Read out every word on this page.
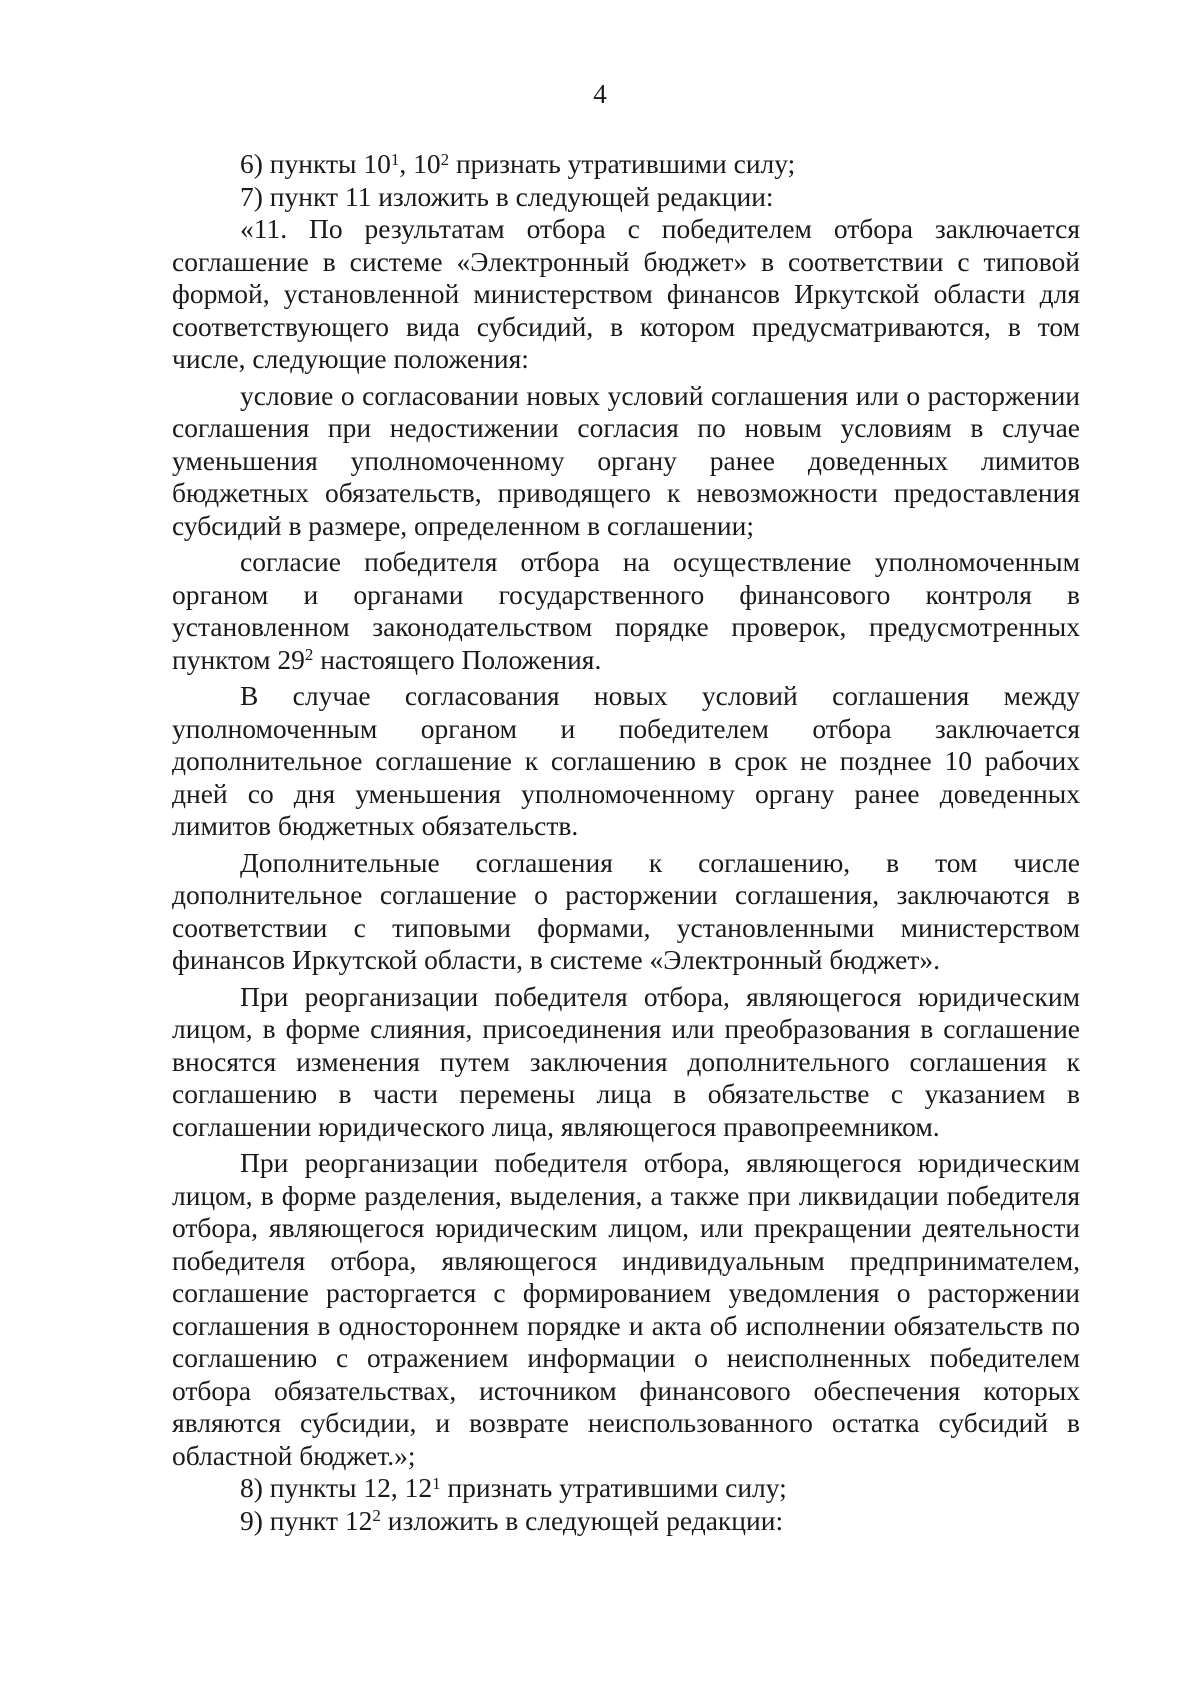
4

6) пункты $10^1$, $10^2$ признать утратившими силу;

7) пункт 11 изложить в следующей редакции:

«11. По результатам отбора с победителем отбора заключается соглашение в системе «Электронный бюджет» в соответствии с типовой формой, установленной министерством финансов Иркутской области для соответствующего вида субсидий, в котором предусматриваются, в том числе, следующие положения:

условие о согласовании новых условий соглашения или о расторжении соглашения при недостижении согласия по новым условиям в случае уменьшения уполномоченному органу ранее доведенных лимитов бюджетных обязательств, приводящего к невозможности предоставления субсидий в размере, определенном в соглашении;

согласие победителя отбора на осуществление уполномоченным органом и органами государственного финансового контроля в установленном законодательством порядке проверок, предусмотренных пунктом $29^2$ настоящего Положения.

В случае согласования новых условий соглашения между уполномоченным органом и победителем отбора заключается дополнительное соглашение к соглашению в срок не позднее 10 рабочих дней со дня уменьшения уполномоченному органу ранее доведенных лимитов бюджетных обязательств.

Дополнительные соглашения к соглашению, в том числе дополнительное соглашение о расторжении соглашения, заключаются в соответствии с типовыми формами, установленными министерством финансов Иркутской области, в системе «Электронный бюджет».

При реорганизации победителя отбора, являющегося юридическим лицом, в форме слияния, присоединения или преобразования в соглашение вносятся изменения путем заключения дополнительного соглашения к соглашению в части перемены лица в обязательстве с указанием в соглашении юридического лица, являющегося правопреемником.

При реорганизации победителя отбора, являющегося юридическим лицом, в форме разделения, выделения, а также при ликвидации победителя отбора, являющегося юридическим лицом, или прекращении деятельности победителя отбора, являющегося индивидуальным предпринимателем, соглашение расторгается с формированием уведомления о расторжении соглашения в одностороннем порядке и акта об исполнении обязательств по соглашению с отражением информации о неисполненных победителем отбора обязательствах, источником финансового обеспечения которых являются субсидии, и возврате неиспользованного остатка субсидий в областной бюджет.»;

8) пункты 12, $12^1$ признать утратившими силу;

9) пункт $12^2$ изложить в следующей редакции:
